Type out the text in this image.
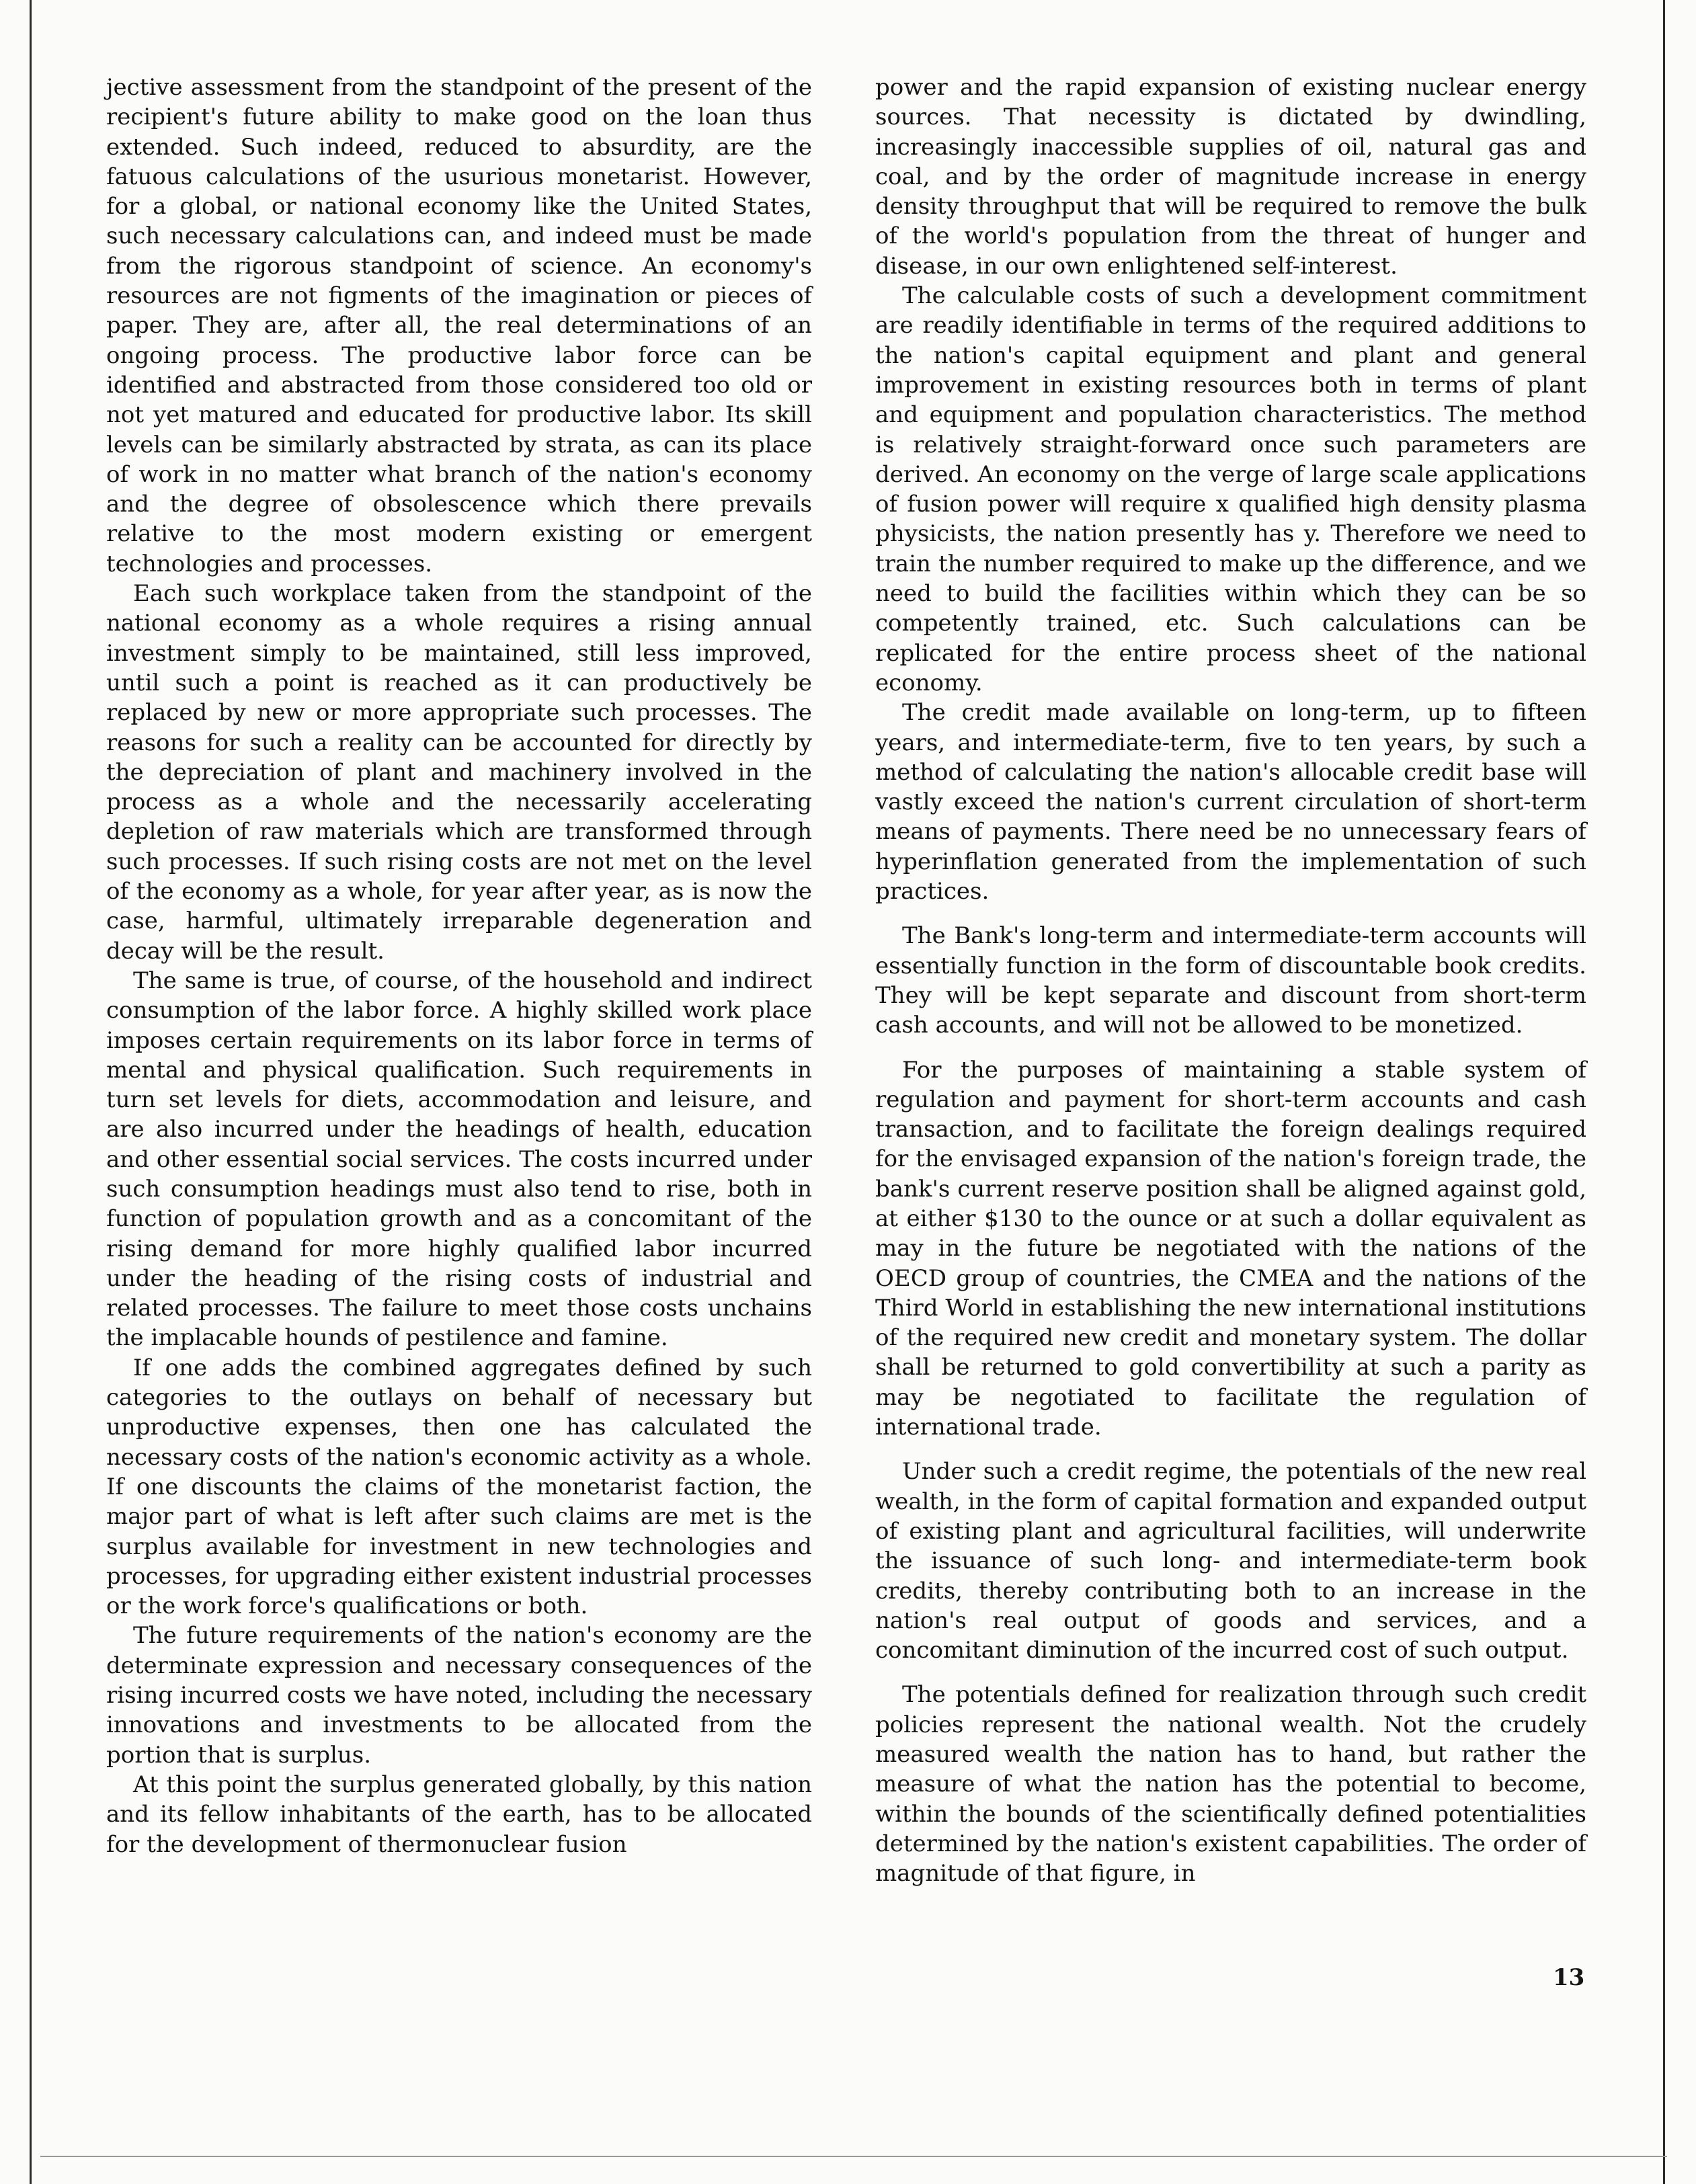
jective assessment from the standpoint of the present of the recipient's future ability to make good on the loan thus extended. Such indeed, reduced to absurdity, are the fatuous calculations of the usurious monetarist. However, for a global, or national economy like the United States, such necessary calculations can, and indeed must be made from the rigorous standpoint of science. An economy's resources are not figments of the imagination or pieces of paper. They are, after all, the real determinations of an ongoing process. The productive labor force can be identified and abstracted from those considered too old or not yet matured and educated for productive labor. Its skill levels can be similarly abstracted by strata, as can its place of work in no matter what branch of the nation's economy and the degree of obsolescence which there prevails relative to the most modern existing or emergent technologies and processes.

Each such workplace taken from the standpoint of the national economy as a whole requires a rising annual investment simply to be maintained, still less improved, until such a point is reached as it can productively be replaced by new or more appropriate such processes. The reasons for such a reality can be accounted for directly by the depreciation of plant and machinery involved in the process as a whole and the necessarily accelerating depletion of raw materials which are transformed through such processes. If such rising costs are not met on the level of the economy as a whole, for year after year, as is now the case, harmful, ultimately irreparable degeneration and decay will be the result.

The same is true, of course, of the household and indirect consumption of the labor force. A highly skilled work place imposes certain requirements on its labor force in terms of mental and physical qualification. Such requirements in turn set levels for diets, accommodation and leisure, and are also incurred under the headings of health, education and other essential social services. The costs incurred under such consumption headings must also tend to rise, both in function of population growth and as a concomitant of the rising demand for more highly qualified labor incurred under the heading of the rising costs of industrial and related processes. The failure to meet those costs unchains the implacable hounds of pestilence and famine.

If one adds the combined aggregates defined by such categories to the outlays on behalf of necessary but unproductive expenses, then one has calculated the necessary costs of the nation's economic activity as a whole. If one discounts the claims of the monetarist faction, the major part of what is left after such claims are met is the surplus available for investment in new technologies and processes, for upgrading either existent industrial processes or the work force's qualifications or both.

The future requirements of the nation's economy are the determinate expression and necessary consequences of the rising incurred costs we have noted, including the necessary innovations and investments to be allocated from the portion that is surplus.

At this point the surplus generated globally, by this nation and its fellow inhabitants of the earth, has to be allocated for the development of thermonuclear fusion

power and the rapid expansion of existing nuclear energy sources. That necessity is dictated by dwindling, increasingly inaccessible supplies of oil, natural gas and coal, and by the order of magnitude increase in energy density throughput that will be required to remove the bulk of the world's population from the threat of hunger and disease, in our own enlightened self-interest.

The calculable costs of such a development commitment are readily identifiable in terms of the required additions to the nation's capital equipment and plant and general improvement in existing resources both in terms of plant and equipment and population characteristics. The method is relatively straight-forward once such parameters are derived. An economy on the verge of large scale applications of fusion power will require x qualified high density plasma physicists, the nation presently has y. Therefore we need to train the number required to make up the difference, and we need to build the facilities within which they can be so competently trained, etc. Such calculations can be replicated for the entire process sheet of the national economy.

The credit made available on long-term, up to fifteen years, and intermediate-term, five to ten years, by such a method of calculating the nation's allocable credit base will vastly exceed the nation's current circulation of short-term means of payments. There need be no unnecessary fears of hyperinflation generated from the implementation of such practices.

The Bank's long-term and intermediate-term accounts will essentially function in the form of discountable book credits. They will be kept separate and discount from short-term cash accounts, and will not be allowed to be monetized.

For the purposes of maintaining a stable system of regulation and payment for short-term accounts and cash transaction, and to facilitate the foreign dealings required for the envisaged expansion of the nation's foreign trade, the bank's current reserve position shall be aligned against gold, at either $130 to the ounce or at such a dollar equivalent as may in the future be negotiated with the nations of the OECD group of countries, the CMEA and the nations of the Third World in establishing the new international institutions of the required new credit and monetary system. The dollar shall be returned to gold convertibility at such a parity as may be negotiated to facilitate the regulation of international trade.

Under such a credit regime, the potentials of the new real wealth, in the form of capital formation and expanded output of existing plant and agricultural facilities, will underwrite the issuance of such long- and intermediate-term book credits, thereby contributing both to an increase in the nation's real output of goods and services, and a concomitant diminution of the incurred cost of such output.

The potentials defined for realization through such credit policies represent the national wealth. Not the crudely measured wealth the nation has to hand, but rather the measure of what the nation has the potential to become, within the bounds of the scientifically defined potentialities determined by the nation's existent capabilities. The order of magnitude of that figure, in

13
